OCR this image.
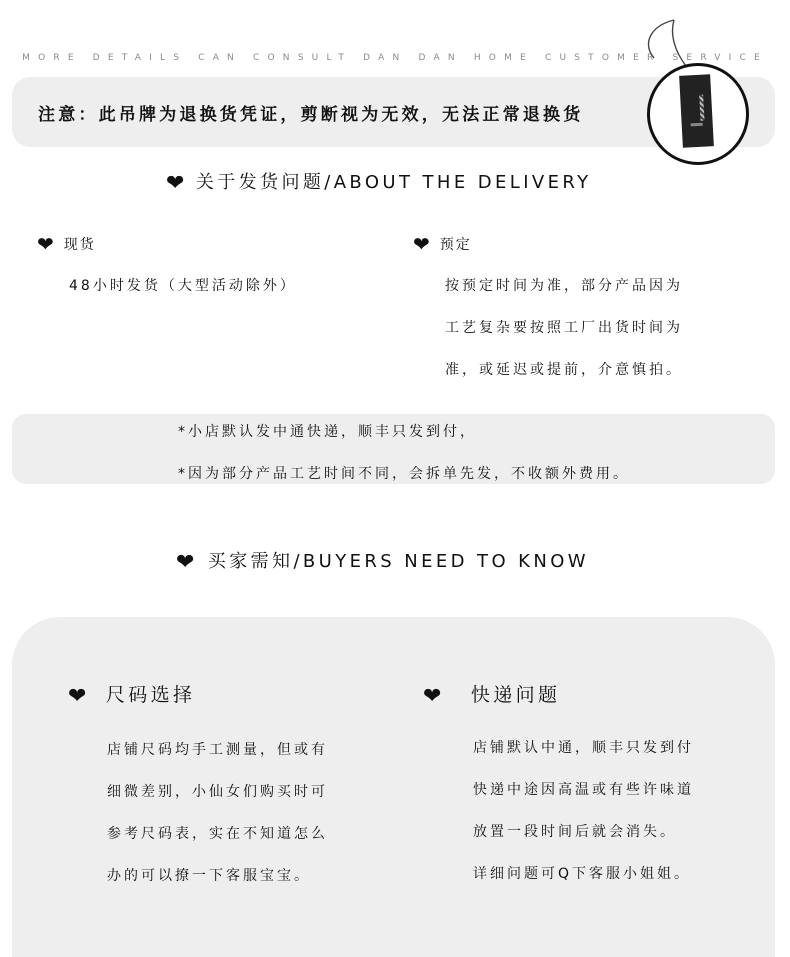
MORE DETAILS CAN CONSULT DAN DAN HOME CUSTOMER SERVICE
注意：此吊牌为退换货凭证，剪断视为无效，无法正常退换货
❤ 关于发货问题/ABOUT THE DELIVERY
❤ 现货
48小时发货（大型活动除外）
❤ 预定
按预定时间为准，部分产品因为
工艺复杂要按照工厂出货时间为
准，或延迟或提前，介意慎拍。
*小店默认发中通快递，顺丰只发到付，
*因为部分产品工艺时间不同，会拆单先发，不收额外费用。
❤ 买家需知/BUYERS NEED TO KNOW
❤ 尺码选择
店铺尺码均手工测量，但或有
细微差别，小仙女们购买时可
参考尺码表，实在不知道怎么
办的可以撩一下客服宝宝。
❤ 快递问题
店铺默认中通，顺丰只发到付
快递中途因高温或有些许味道
放置一段时间后就会消失。
详细问题可Q下客服小姐姐。
